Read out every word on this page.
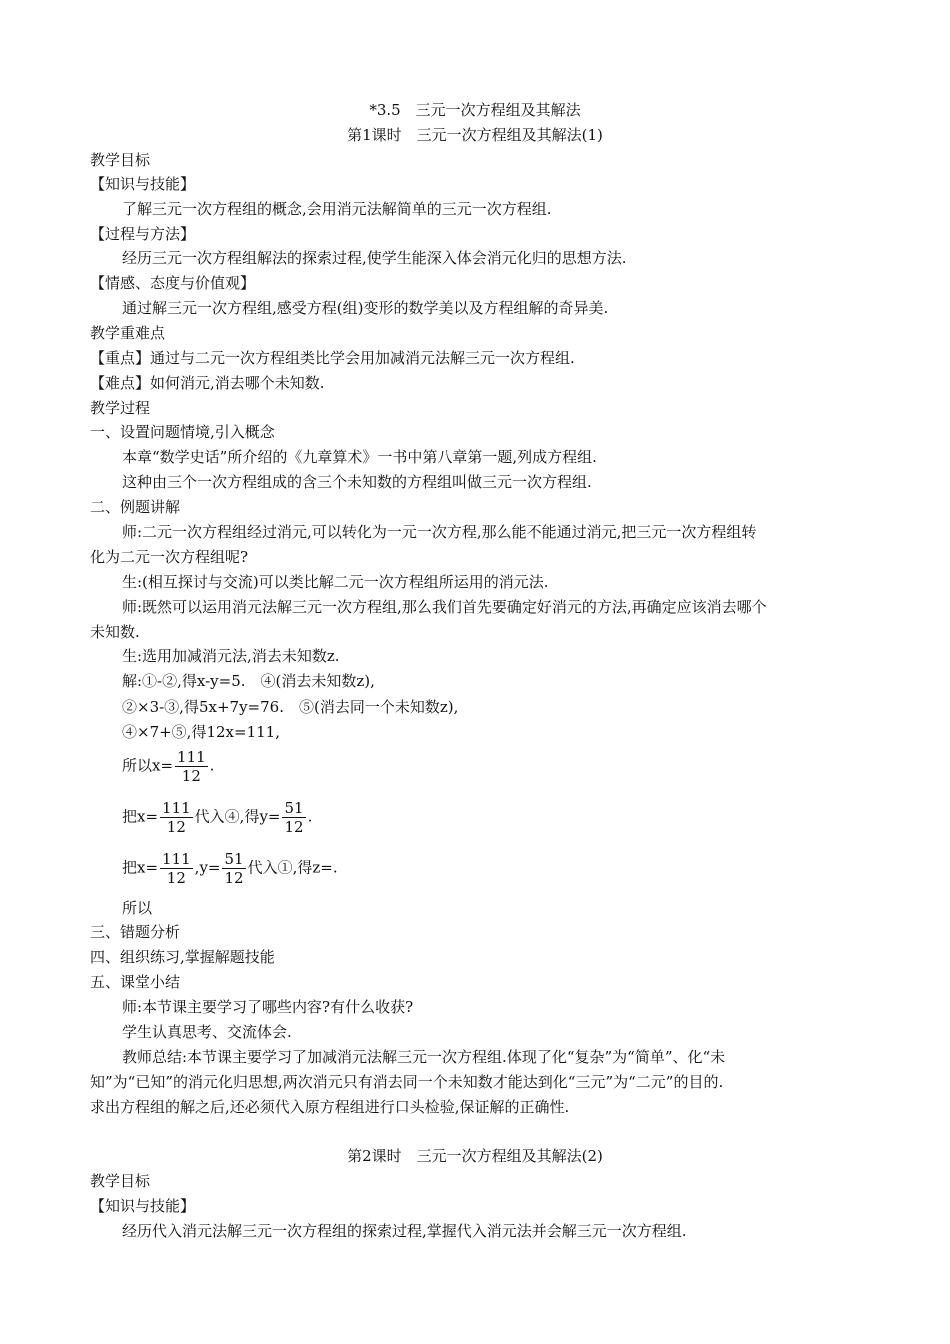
*3.5　三元一次方程组及其解法
第1课时　三元一次方程组及其解法(1)
教学目标
【知识与技能】
了解三元一次方程组的概念,会用消元法解简单的三元一次方程组.
【过程与方法】
经历三元一次方程组解法的探索过程,使学生能深入体会消元化归的思想方法.
【情感、态度与价值观】
通过解三元一次方程组,感受方程(组)变形的数学美以及方程组解的奇异美.
教学重难点
【重点】通过与二元一次方程组类比学会用加减消元法解三元一次方程组.
【难点】如何消元,消去哪个未知数.
教学过程
一、设置问题情境,引入概念
本章“数学史话”所介绍的《九章算术》一书中第八章第一题,列成方程组.
这种由三个一次方程组成的含三个未知数的方程组叫做三元一次方程组.
二、例题讲解
师:二元一次方程组经过消元,可以转化为一元一次方程,那么能不能通过消元,把三元一次方程组转
化为二元一次方程组呢?
生:(相互探讨与交流)可以类比解二元一次方程组所运用的消元法.
师:既然可以运用消元法解三元一次方程组,那么我们首先要确定好消元的方法,再确定应该消去哪个
未知数.
生:选用加减消元法,消去未知数z.
解:①-②,得x-y=5.　④(消去未知数z),
②×3-③,得5x+7y=76.　⑤(消去同一个未知数z),
④×7+⑤,得12x=111,
所以$x= \frac{111}{12}$ .
把$x= \frac{111}{12}$ 代入④,得$y= \frac{51}{12}$ .
把$x= \frac{111}{12} ,y= \frac{51}{12}$ 代入①,得z=.
所以
三、错题分析
四、组织练习,掌握解题技能
五、课堂小结
师:本节课主要学习了哪些内容?有什么收获?
学生认真思考、交流体会.
教师总结:本节课主要学习了加减消元法解三元一次方程组.体现了化“复杂”为“简单”、化“未
知”为“已知”的消元化归思想,两次消元只有消去同一个未知数才能达到化“三元”为“二元”的目的.
求出方程组的解之后,还必须代入原方程组进行口头检验,保证解的正确性.
第2课时　三元一次方程组及其解法(2)
教学目标
【知识与技能】
经历代入消元法解三元一次方程组的探索过程,掌握代入消元法并会解三元一次方程组.
